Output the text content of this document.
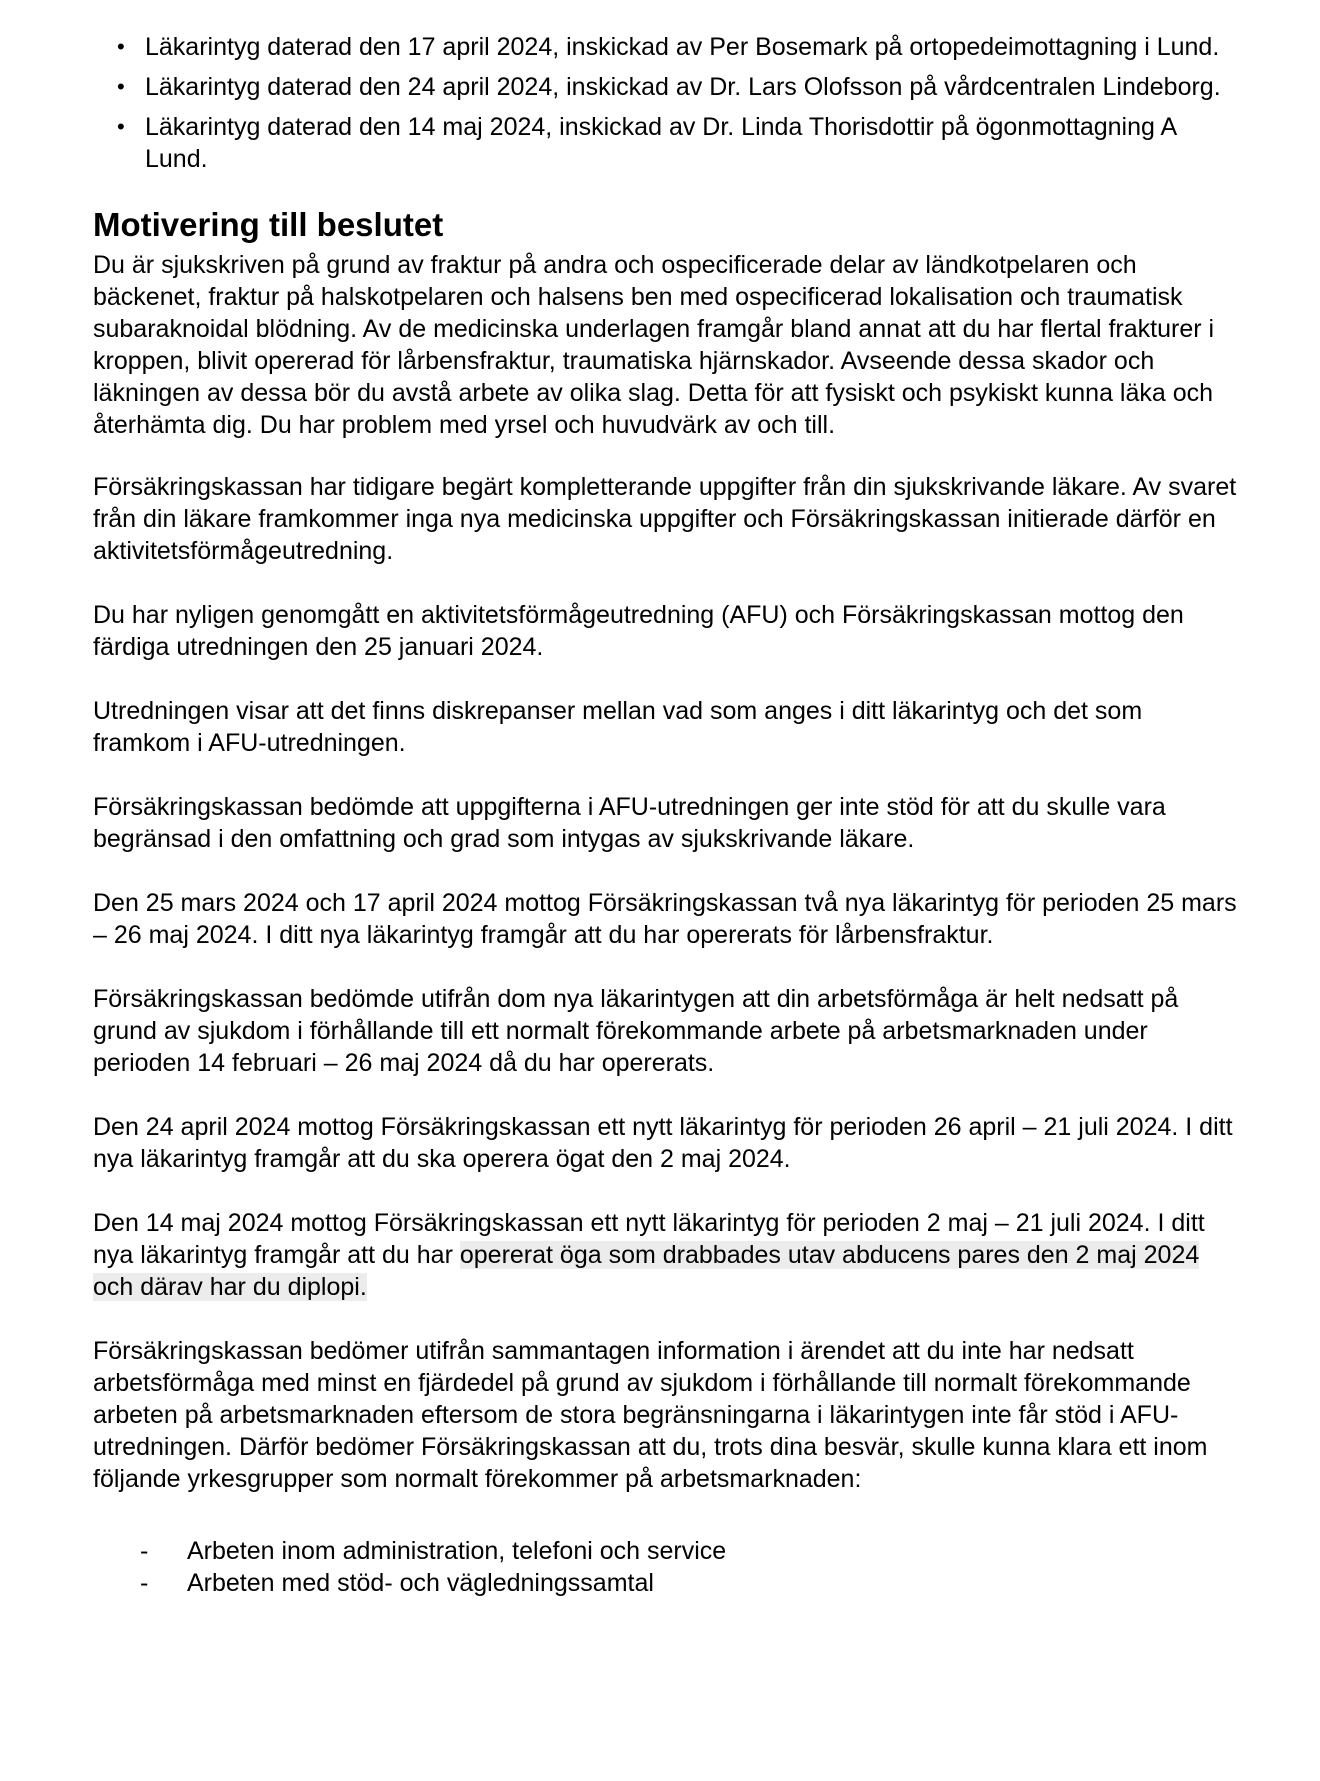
• Läkarintyg daterad den 17 april 2024, inskickad av Per Bosemark på ortopedeimottagning i Lund.
• Läkarintyg daterad den 24 april 2024, inskickad av Dr. Lars Olofsson på vårdcentralen Lindeborg.
• Läkarintyg daterad den 14 maj 2024, inskickad av Dr. Linda Thorisdottir på ögonmottagning A Lund.
Motivering till beslutet

Du är sjukskriven på grund av fraktur på andra och ospecificerade delar av ländkotpelaren och bäckenet, fraktur på halskotpelaren och halsens ben med ospecificerad lokalisation och traumatisk subaraknoidal blödning. Av de medicinska underlagen framgår bland annat att du har flertal frakturer i kroppen, blivit opererad för lårbensfraktur, traumatiska hjärnskador. Avseende dessa skador och läkningen av dessa bör du avstå arbete av olika slag. Detta för att fysiskt och psykiskt kunna läka och återhämta dig. Du har problem med yrsel och huvudvärk av och till.

Försäkringskassan har tidigare begärt kompletterande uppgifter från din sjukskrivande läkare. Av svaret från din läkare framkommer inga nya medicinska uppgifter och Försäkringskassan initierade därför en aktivitetsförmågeutredning.

Du har nyligen genomgått en aktivitetsförmågeutredning (AFU) och Försäkringskassan mottog den färdiga utredningen den 25 januari 2024.

Utredningen visar att det finns diskrepanser mellan vad som anges i ditt läkarintyg och det som framkom i AFU-utredningen.

Försäkringskassan bedömde att uppgifterna i AFU-utredningen ger inte stöd för att du skulle vara begränsad i den omfattning och grad som intygas av sjukskrivande läkare.

Den 25 mars 2024 och 17 april 2024 mottog Försäkringskassan två nya läkarintyg för perioden 25 mars – 26 maj 2024. I ditt nya läkarintyg framgår att du har opererats för lårbensfraktur.

Försäkringskassan bedömde utifrån dom nya läkarintygen att din arbetsförmåga är helt nedsatt på grund av sjukdom i förhållande till ett normalt förekommande arbete på arbetsmarknaden under perioden 14 februari – 26 maj 2024 då du har opererats.

Den 24 april 2024 mottog Försäkringskassan ett nytt läkarintyg för perioden 26 april – 21 juli 2024. I ditt nya läkarintyg framgår att du ska operera ögat den 2 maj 2024.

Den 14 maj 2024 mottog Försäkringskassan ett nytt läkarintyg för perioden 2 maj – 21 juli 2024. I ditt nya läkarintyg framgår att du har opererat öga som drabbades utav abducens pares den 2 maj 2024 och därav har du diplopi.

Försäkringskassan bedömer utifrån sammantagen information i ärendet att du inte har nedsatt arbetsförmåga med minst en fjärdedel på grund av sjukdom i förhållande till normalt förekommande arbeten på arbetsmarknaden eftersom de stora begränsningarna i läkarintygen inte får stöd i AFU-utredningen. Därför bedömer Försäkringskassan att du, trots dina besvär, skulle kunna klara ett inom följande yrkesgrupper som normalt förekommer på arbetsmarknaden:

- Arbeten inom administration, telefoni och service
- Arbeten med stöd- och vägledningssamtal
